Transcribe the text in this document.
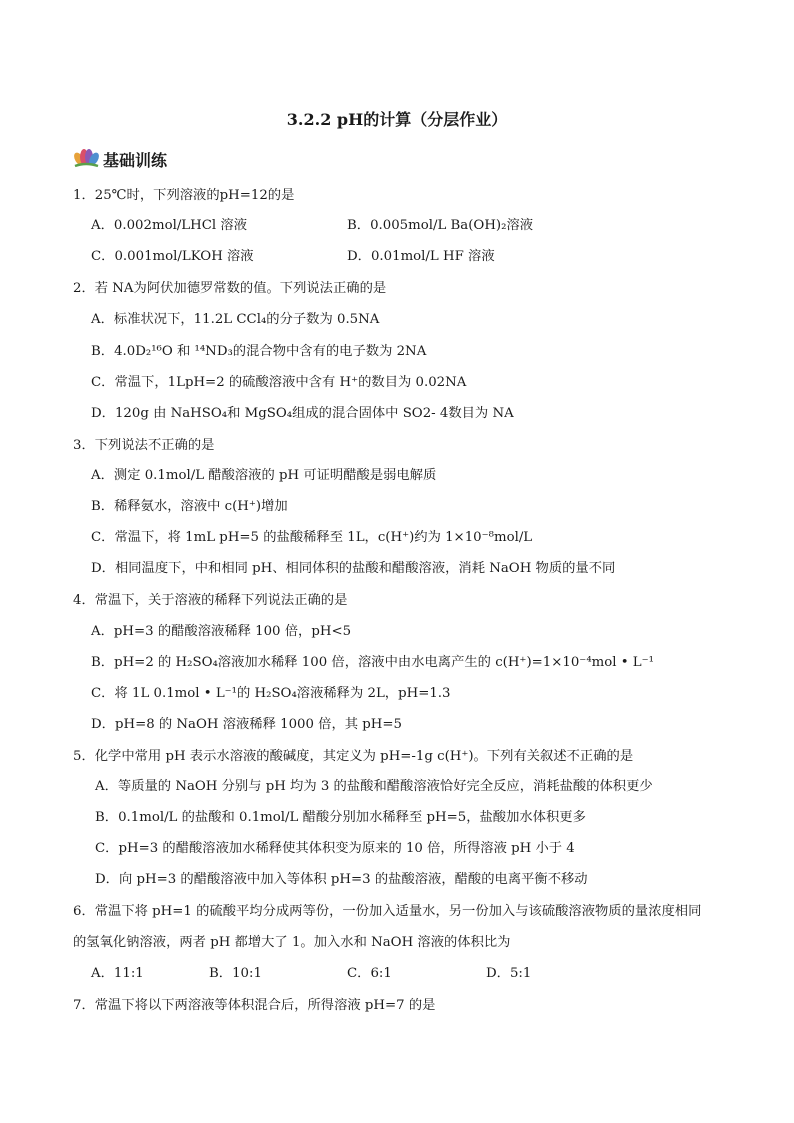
3.2.2 pH的计算（分层作业）
基础训练
1．25℃时，下列溶液的pH=12的是
A．0.002mol/LHCl 溶液	B．0.005mol/L Ba(OH)₂溶液
C．0.001mol/LKOH 溶液	D．0.01mol/L HF 溶液
2．若 NA为阿伏加德罗常数的值。下列说法正确的是
A．标准状况下，11.2L CCl₄的分子数为 0.5NA
B．4.0D₂¹⁶O 和 ¹⁴ND₃的混合物中含有的电子数为 2NA
C．常温下，1LpH=2 的硫酸溶液中含有 H⁺的数目为 0.02NA
D．120g 由 NaHSO₄和 MgSO₄组成的混合固体中 SO2- 4数目为 NA
3．下列说法不正确的是
A．测定 0.1mol/L 醋酸溶液的 pH 可证明醋酸是弱电解质
B．稀释氨水，溶液中 c(H⁺)增加
C．常温下，将 1mL pH=5 的盐酸稀释至 1L，c(H⁺)约为 1×10⁻⁸mol/L
D．相同温度下，中和相同 pH、相同体积的盐酸和醋酸溶液，消耗 NaOH 物质的量不同
4．常温下，关于溶液的稀释下列说法正确的是
A．pH=3 的醋酸溶液稀释 100 倍，pH<5
B．pH=2 的 H₂SO₄溶液加水稀释 100 倍，溶液中由水电离产生的 c(H⁺)=1×10⁻⁴mol • L⁻¹
C．将 1L 0.1mol • L⁻¹的 H₂SO₄溶液稀释为 2L，pH=1.3
D．pH=8 的 NaOH 溶液稀释 1000 倍，其 pH=5
5．化学中常用 pH 表示水溶液的酸碱度，其定义为 pH=-1g c(H⁺)。下列有关叙述不正确的是
A．等质量的 NaOH 分别与 pH 均为 3 的盐酸和醋酸溶液恰好完全反应，消耗盐酸的体积更少
B．0.1mol/L 的盐酸和 0.1mol/L 醋酸分别加水稀释至 pH=5，盐酸加水体积更多
C．pH=3 的醋酸溶液加水稀释使其体积变为原来的 10 倍，所得溶液 pH 小于 4
D．向 pH=3 的醋酸溶液中加入等体积 pH=3 的盐酸溶液，醋酸的电离平衡不移动
6．常温下将 pH=1 的硫酸平均分成两等份，一份加入适量水，另一份加入与该硫酸溶液物质的量浓度相同
的氢氧化钠溶液，两者 pH 都增大了 1。加入水和 NaOH 溶液的体积比为
A．11:1	B．10:1	C．6:1	D．5:1
7．常温下将以下两溶液等体积混合后，所得溶液 pH=7 的是
